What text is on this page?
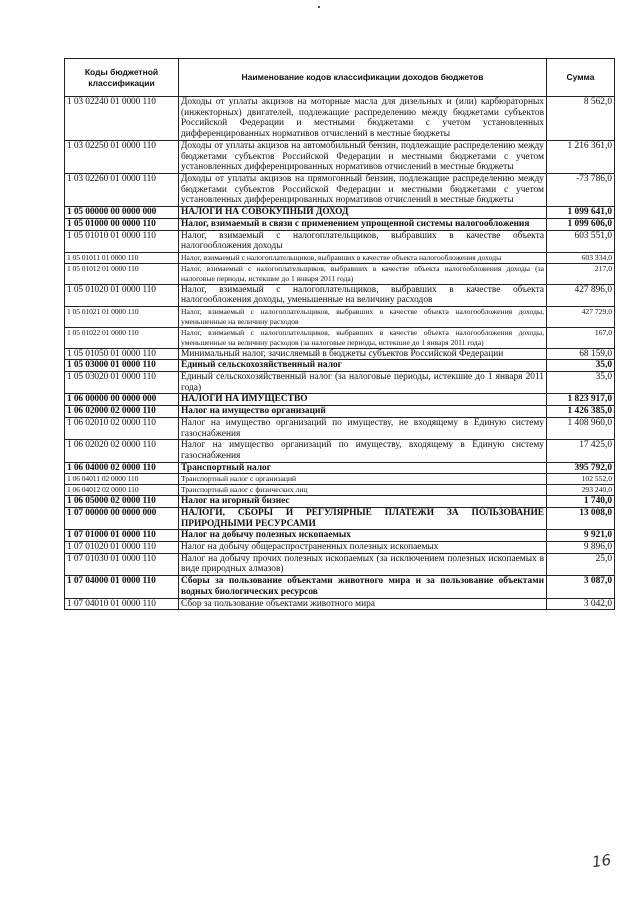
Коды бюджетной классификации	Наименование кодов классификации доходов бюджетов	Сумма
1 03 02240 01 0000 110	Доходы от уплаты акцизов на моторные масла для дизельных и (или) карбюраторных (инжекторных) двигателей, подлежащие распределению между бюджетами субъектов Российской Федерации и местными бюджетами с учетом установленных дифференцированных нормативов отчислений в местные бюджеты	8 562,0
1 03 02250 01 0000 110	Доходы от уплаты акцизов на автомобильный бензин, подлежащие распределению между бюджетами субъектов Российской Федерации и местными бюджетами с учетом установленных дифференцированных нормативов отчислений в местные бюджеты	1 216 361,0
1 03 02260 01 0000 110	Доходы от уплаты акцизов на прямогонный бензин, подлежащие распределению между бюджетами субъектов Российской Федерации и местными бюджетами с учетом установленных дифференцированных нормативов отчислений в местные бюджеты	-73 786,0
1 05 00000 00 0000 000	НАЛОГИ НА СОВОКУПНЫЙ ДОХОД	1 099 641,0
1 05 01000 00 0000 110	Налог, взимаемый в связи с применением упрощенной системы налогообложения	1 099 606,0
1 05 01010 01 0000 110	Налог, взимаемый с налогоплательщиков, выбравших в качестве объекта налогообложения доходы	603 551,0
1 05 01011 01 0000 110	Налог, взимаемый с налогоплательщиков, выбравших в качестве объекта налогообложения доходы	603 334,0
1 05 01012 01 0000 110	Налог, взимаемый с налогоплательщиков, выбравших в качестве объекта налогообложения доходы (за налоговые периоды, истекшие до 1 января 2011 года)	217,0
1 05 01020 01 0000 110	Налог, взимаемый с налогоплательщиков, выбравших в качестве объекта налогообложения доходы, уменьшенные на величину расходов	427 896,0
1 05 01021 01 0000 110	Налог, взимаемый с налогоплательщиков, выбравших в качестве объекта налогообложения доходы, уменьшенные на величину расходов	427 729,0
1 05 01022 01 0000 110	Налог, взимаемый с налогоплательщиков, выбравших в качестве объекта налогообложения доходы, уменьшенные на величину расходов (за налоговые периоды, истекшие до 1 января 2011 года)	167,0
1 05 01050 01 0000 110	Минимальный налог, зачисляемый в бюджеты субъектов Российской Федерации	68 159,0
1 05 03000 01 0000 110	Единый сельскохозяйственный налог	35,0
1 05 03020 01 0000 110	Единый сельскохозяйственный налог (за налоговые периоды, истекшие до 1 января 2011 года)	35,0
1 06 00000 00 0000 000	НАЛОГИ НА ИМУЩЕСТВО	1 823 917,0
1 06 02000 02 0000 110	Налог на имущество организаций	1 426 385,0
1 06 02010 02 0000 110	Налог на имущество организаций по имуществу, не входящему в Единую систему газоснабжения	1 408 960,0
1 06 02020 02 0000 110	Налог на имущество организаций по имуществу, входящему в Единую систему газоснабжения	17 425,0
1 06 04000 02 0000 110	Транспортный налог	395 792,0
1 06 04011 02 0000 110	Транспортный налог с организаций	102 552,0
1 06 04012 02 0000 110	Транспортный налог с физических лиц	293 240,0
1 06 05000 02 0000 110	Налог на игорный бизнес	1 740,0
1 07 00000 00 0000 000	НАЛОГИ, СБОРЫ И РЕГУЛЯРНЫЕ ПЛАТЕЖИ ЗА ПОЛЬЗОВАНИЕ ПРИРОДНЫМИ РЕСУРСАМИ	13 008,0
1 07 01000 01 0000 110	Налог на добычу полезных ископаемых	9 921,0
1 07 01020 01 0000 110	Налог на добычу общераспространенных полезных ископаемых	9 896,0
1 07 01030 01 0000 110	Налог на добычу прочих полезных ископаемых (за исключением полезных ископаемых в виде природных алмазов)	25,0
1 07 04000 01 0000 110	Сборы за пользование объектами животного мира и за пользование объектами водных биологических ресурсов	3 087,0
1 07 04010 01 0000 110	Сбор за пользование объектами животного мира	3 042,0
16
